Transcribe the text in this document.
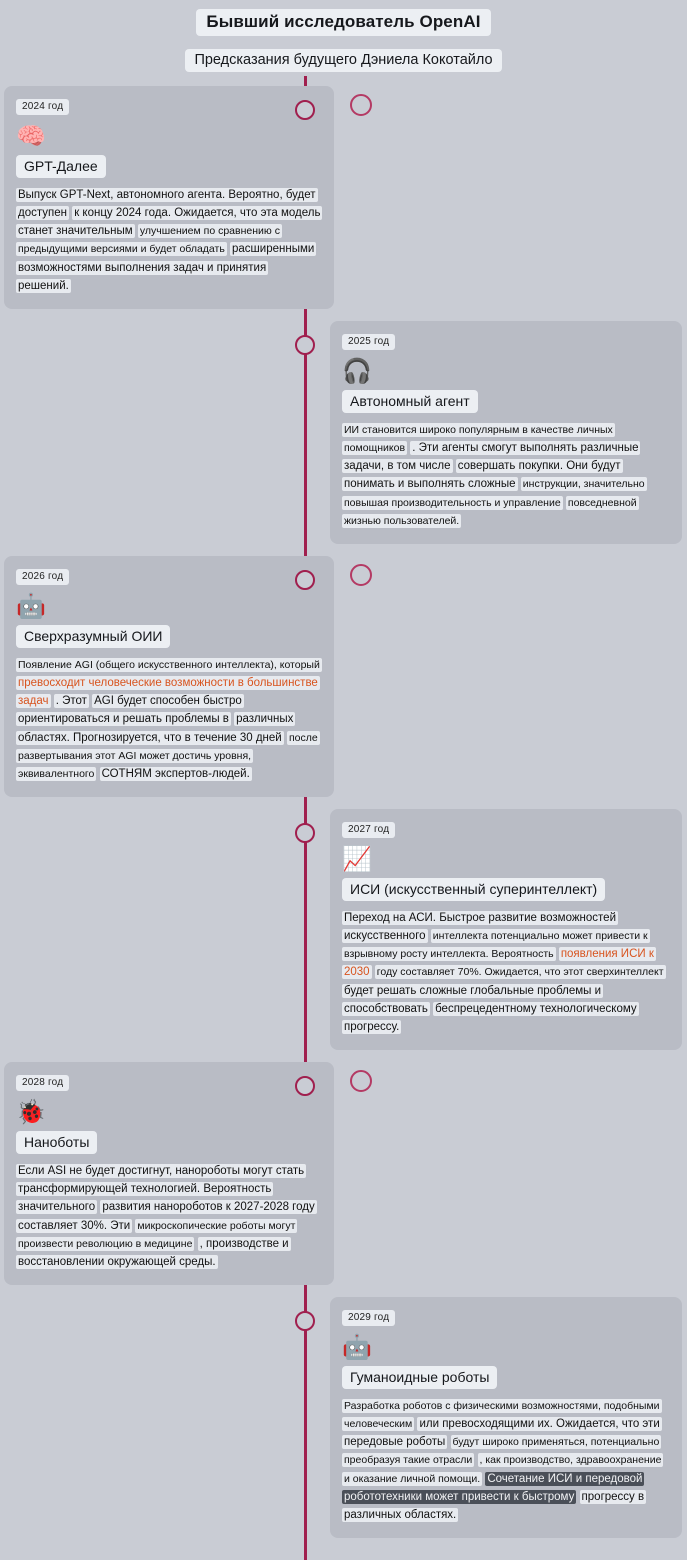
Бывший исследователь OpenAI
Предсказания будущего Дэниела Кокотайло
2024 год
🧠
GPT-Далее
Выпуск GPT-Next, автономного агента. Вероятно, будет доступен к концу 2024 года. Ожидается, что эта модель станет значительным улучшением по сравнению с предыдущими версиями и будет обладать расширенными возможностями выполнения задач и принятия решений.
2025 год
🎧
Автономный агент
ИИ становится широко популярным в качестве личных помощников . Эти агенты смогут выполнять различные задачи, в том числе совершать покупки. Они будут понимать и выполнять сложные инструкции, значительно повышая производительность и управление повседневной жизнью пользователей.
2026 год
🤖
Сверхразумный ОИИ
Появление AGI (общего искусственного интеллекта), который превосходит человеческие возможности в большинстве задач . Этот AGI будет способен быстро ориентироваться и решать проблемы в различных областях. Прогнозируется, что в течение 30 дней после развертывания этот AGI может достичь уровня, эквивалентного СОТНЯМ экспертов-людей.
2027 год
📈
ИСИ (искусственный суперинтеллект)
Переход на АСИ. Быстрое развитие возможностей искусственного интеллекта потенциально может привести к взрывному росту интеллекта. Вероятность появления ИСИ к 2030 году составляет 70%. Ожидается, что этот сверхинтеллект будет решать сложные глобальные проблемы и способствовать беспрецедентному технологическому прогрессу.
2028 год
🐞
Наноботы
Если ASI не будет достигнут, нанороботы могут стать трансформирующей технологией. Вероятность значительного развития нанороботов к 2027-2028 году составляет 30%. Эти микроскопические роботы могут произвести революцию в медицине , производстве и восстановлении окружающей среды.
2029 год
🤖
Гуманоидные роботы
Разработка роботов с физическими возможностями, подобными человеческим или превосходящими их. Ожидается, что эти передовые роботы будут широко применяться, потенциально преобразуя такие отрасли , как производство, здравоохранение и оказание личной помощи. Сочетание ИСИ и передовой робототехники может привести к быстрому прогрессу в различных областях.
